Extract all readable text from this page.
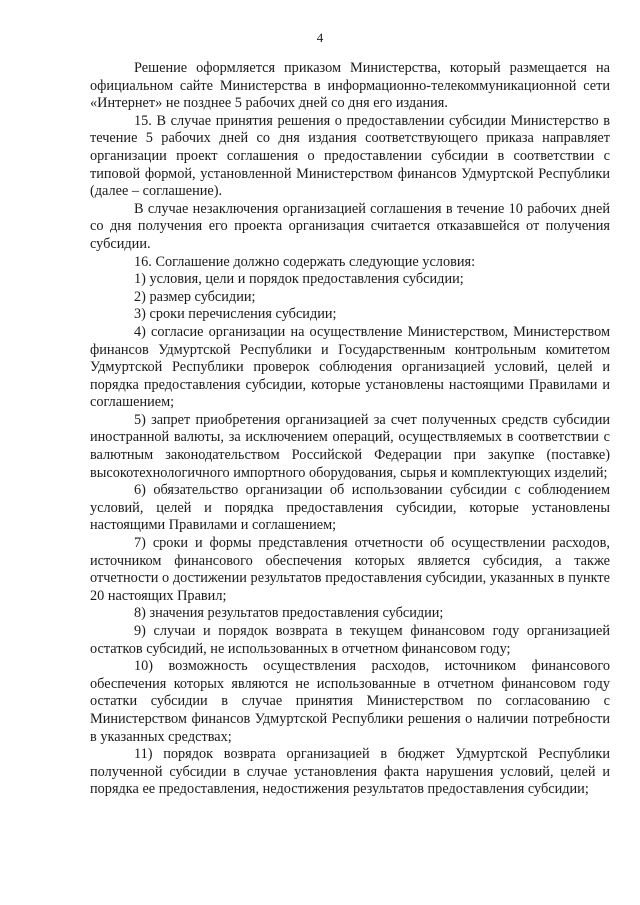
4

Решение оформляется приказом Министерства, который размещается на официальном сайте Министерства в информационно-телекоммуникационной сети «Интернет» не позднее 5 рабочих дней со дня его издания.

15. В случае принятия решения о предоставлении субсидии Министерство в течение 5 рабочих дней со дня издания соответствующего приказа направляет организации проект соглашения о предоставлении субсидии в соответствии с типовой формой, установленной Министерством финансов Удмуртской Республики (далее – соглашение).

В случае незаключения организацией соглашения в течение 10 рабочих дней со дня получения его проекта организация считается отказавшейся от получения субсидии.

16. Соглашение должно содержать следующие условия:

1) условия, цели и порядок предоставления субсидии;

2) размер субсидии;

3) сроки перечисления субсидии;

4) согласие организации на осуществление Министерством, Министерством финансов Удмуртской Республики и Государственным контрольным комитетом Удмуртской Республики проверок соблюдения организацией условий, целей и порядка предоставления субсидии, которые установлены настоящими Правилами и соглашением;

5) запрет приобретения организацией за счет полученных средств субсидии иностранной валюты, за исключением операций, осуществляемых в соответствии с валютным законодательством Российской Федерации при закупке (поставке) высокотехнологичного импортного оборудования, сырья и комплектующих изделий;

6) обязательство организации об использовании субсидии с соблюдением условий, целей и порядка предоставления субсидии, которые установлены настоящими Правилами и соглашением;

7) сроки и формы представления отчетности об осуществлении расходов, источником финансового обеспечения которых является субсидия, а также отчетности о достижении результатов предоставления субсидии, указанных в пункте 20 настоящих Правил;

8) значения результатов предоставления субсидии;

9) случаи и порядок возврата в текущем финансовом году организацией остатков субсидий, не использованных в отчетном финансовом году;

10) возможность осуществления расходов, источником финансового обеспечения которых являются не использованные в отчетном финансовом году остатки субсидии в случае принятия Министерством по согласованию с Министерством финансов Удмуртской Республики решения о наличии потребности в указанных средствах;

11) порядок возврата организацией в бюджет Удмуртской Республики полученной субсидии в случае установления факта нарушения условий, целей и порядка ее предоставления, недостижения результатов предоставления субсидии;
